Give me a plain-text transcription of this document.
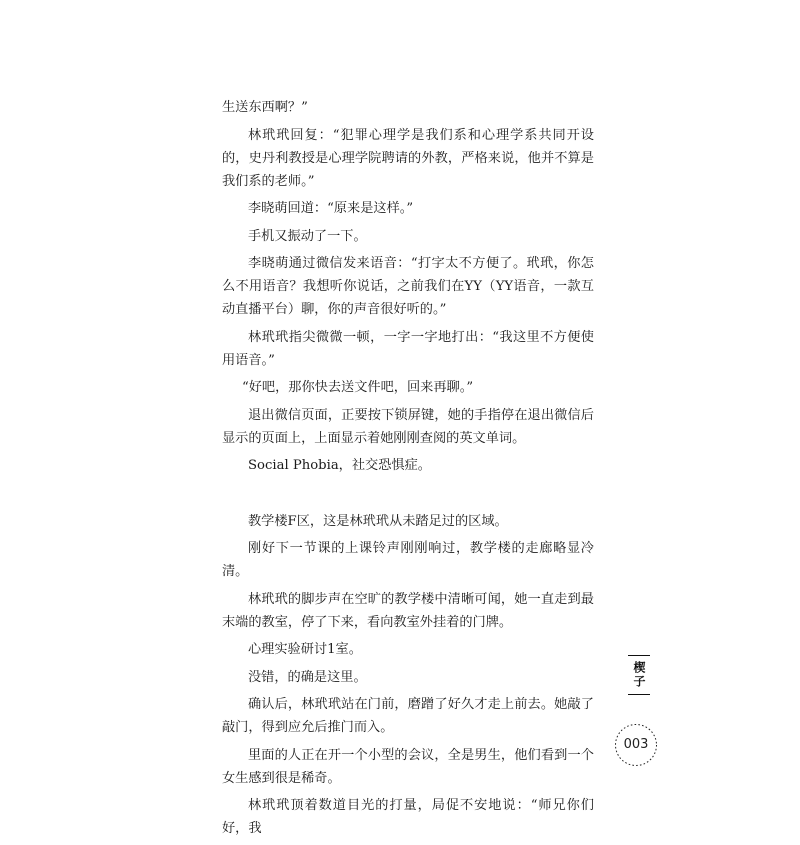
生送东西啊？”

林玳玳回复：“犯罪心理学是我们系和心理学系共同开设的，史丹利教授是心理学院聘请的外教，严格来说，他并不算是我们系的老师。”

李晓萌回道：“原来是这样。”

手机又振动了一下。

李晓萌通过微信发来语音：“打字太不方便了。玳玳，你怎么不用语音？我想听你说话，之前我们在YY（YY语音，一款互动直播平台）聊，你的声音很好听的。”

林玳玳指尖微微一顿，一字一字地打出：“我这里不方便使用语音。”

“好吧，那你快去送文件吧，回来再聊。”

退出微信页面，正要按下锁屏键，她的手指停在退出微信后显示的页面上，上面显示着她刚刚查阅的英文单词。

Social Phobia，社交恐惧症。

教学楼F区，这是林玳玳从未踏足过的区域。

刚好下一节课的上课铃声刚刚响过，教学楼的走廊略显冷清。

林玳玳的脚步声在空旷的教学楼中清晰可闻，她一直走到最末端的教室，停了下来，看向教室外挂着的门牌。

心理实验研讨1室。

没错，的确是这里。

确认后，林玳玳站在门前，磨蹭了好久才走上前去。她敲了敲门，得到应允后推门而入。

里面的人正在开一个小型的会议，全是男生，他们看到一个女生感到很是稀奇。

林玳玳顶着数道目光的打量，局促不安地说：“师兄你们好，我

楔子
003
